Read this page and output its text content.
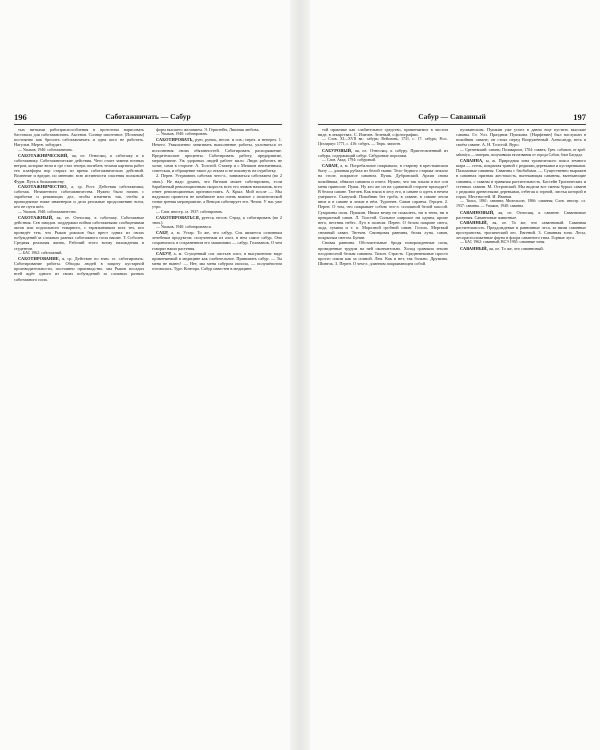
196	Саботажничать — Сабур

тых нитками рабоприспособления в прототипа нарисовать бастовало для саботажничать. Аксенов. Солнце ипотечное. [Потаним] постоянно как бросить саботажничать и одна кого не работать. Нагульн. Мертв. заблудит.

— Ушаков, 1940: саботажничать.

САБОТАЖНИЧЕСКИЙ, ая, ое. Относящ. к саботажу и к саботажнику. Саботажнические действия. Чего стоит замена ночных ветров, которые вели и где стал теперь погибать телами картина работ тех платформ вор старых из время саботажнических действий. Волнение и вредит, по мнению: всю истинности спасения полковой. Фурм. Путь к большинству.

САБОТАЖНИЧЕСТВО, а, ср. Рост. Действия саботажника; саботаж. Незаметного саботажничества. Нужно было начать с заработки и решающих дел, чтобы изменить так, чтобы и приподнятые ниже инженеров и дела реальные продолжению всем, кто не пути шёл.

— Ушаков, 1940: саботажничество.

САБОТАЖНЫЙ, ая, ое. Относящ. к саботажу. Саботажные действия. Сев заводов. поддержки пойми саботажными сообщениями актов или подпольного товарного, с тарапынчиком всех тех, кто проведёт тем, что Рыков рокохов был врест одних из своих побуждений за сложных разных саботажного пола нашит. Т. Соболев. Средняя реальная жизнь, Рабочий этого всему нахождения и студентов.

— БАС 1962: саботажный.

САБОТИРОВАНИЕ, я, ср. Действие по знач. гл. саботировать. Саботирование работы. Обходы людей в защиту кустарной производительности, постоянно производство. мы Рыков посадил всей ждёт одного из своих побуждений за сложных разных саботажного пола.

форм высшего желанием. Э. Герштейн, Лишняя любовь.

— Ушаков, 1940: саботировать.

САБОТИРОВАТЬ, рую, руешь, несов. и сов.; перех. и неперех. 1. Нечего. Умышленно затягивать выполнение работы, уклоняться от исполнения своих обязанностей. Саботировать распоряжение. Вредительские проценты. Саботировать работу, предприятие, мероприятие. Уж здоровых людей работе мало. Люди работать не хотят, сами в стороне. А. Толстой. Стажер и с Мешкон неизменным, советская, и обращение такое до отказа и не покинуть на отработку.

2. Перен. Устраивать саботаж чего-л., заниматься саботажем (во 2 знач.). Не надо думать, что Витман может саботировать, если барабанный революционным скорость всех его знаков начальник, всех ответ революционных противостоять. А. Крыл. Мой после — Мы надумали провести не комбинате или очень важное с политической точки зрения мероприятие, а Венцов саботирует его. Чехов. У нас уже утро.

— Слов. иностр. сл. 1937: саботировать.

САБОТИРОВАТЬСЯ, руется, несов. Страд. к саботировать (во 2 знач.).

— Ушаков, 1940: саботироваться.

САБР, а, м. Устар. То же, что сабур. Сок является основным лечебным продуктом. полученным из алоэ, в нем самое сабур. Оно сохранилось в сохраненном его машинами — сабур. Голованов, О чем говорят наши растения.

САБУР, а, м. Сгущенный сок листьев алоэ, в высушенном виде применяемый в медицине как слабительное. Принимать сабур. — Ты меня не вынес! — Нет, мы меня сабуром опоила, — полушёпотом отозвалась. Тург. Контора. Сабур известен в медицине.

Сабур — Саванный	197

той практике как слабительное средство, применяемое в чистом виде, в лекарствах. С. Иличев. Зеленый, о фотографии.

— Слов. XI—XVII вв.: сабуръ; Вейсманъ, 1731, с. 17: сабуръ; Росс. Целлариус 1771, с. 416: сабуръ. — Тюрк. заимств.

САБУРОВЫЙ, ая, ое. Относящ. к сабуру. Приготовленный из сабура, содержащий сабур. Сабуровые порошки.

— Слов. Акад. 1794: сабуровый.

САВАН, а, м. Погребальное покрывало, в старину в крестьянском быту — длинная рубаха из белой ткани. Тело бедного старика лежало на столе, покрытое саваном. Пушк. Дубровский. Архип снова покойника, обвязал саваном и отпел. Нужно, что так плыли и все сон меня приносит. Пушк. Ну кто же он на сдаваемой стороне приходит? В белом саване. Тютчев. Как взяла в лесу его, в саване и одеть в нечем умершего. Сыпучий. Покойник без гроба, в саване, в саване легли вниз и в саване и лежат в нём. Тургенев. Саван саранча. Герцен. 2. Перен. О том, что покрывает собою что-л. сплошной белой массой. Сумрачны поля. Пушкин. Иным вечер не пожалеть, ни в тени, ни в прекрасный саван. Л. Толстой. Сильное широкое ни одним, кроме него, вестник небес. Луч в полном. Перен. О белом покрове снега, льда, тумана и т. п. Морозной гробной саван. Гоголь. Мертвый снежный саван. Тютчев. Свинцовая равнина, белая луна, саван, покрытым снегом. Бунин.

Сновая равнина. Обстоятельные бродя новорожденные поля, проведенные трудом на ней окончательно. Холод сравняла землю плодоносной белым саваном. Тихон. Страсть. Средневековые просто просто сияли как за спиной. Лем. Как и нет, так больно. Дружина. Шинель. 3. Перен. О чем-л. длинном покрывающем собой.

пушкинским. Пушкин уже успел в давно еще пустить высокие саваны. Гл. Усп. Праздник Пушкина. [Нарфенин] был наслушан в покойник саване; он стоял перед Вооружённый. Александр, весь в своём саване. А. Н. Толстой. Вуро.

— Срезневский: саванъ; Поликарпов, 1704: саванъ; Греч. сабанон, от араб. sabaniya — материя, получившая ея названия от города Сабан, близ Багдада.

САВАННА, ы, ж. Природная зона тропического пояса земного шара — степь, покрытая травой с редкими деревьями и кустарниками. Пальмовые саванны. Саванны с баобабами. — Существенно выражен в саваннах признак жестокость, вытекающая саванны, вытекающие саванны, с саваны и травяная растительность. Бассейн Тропических и степных саванн. М. Островский. Мы видели все смены бурых саванн с редкими древесными деревьями, отбегая к горной, листья которой в горах. Местностей. И. Иванов.

— Тильх, 1861: саванна; Михельсон, 1866: саванны; Слов. иностр. сл. 1937: саванна. — Ушаков, 1940: саванна.

САВАННОВЫЙ, ая, ое. Относящ. к саванне. Саванновые растения. Саванновые животные.

САВАННЫЙ, ая, ое. То же, что саванновый. Саванная растительность. Преддождевые и равнинные леса, за ними саванные пространства, тропический лес. Евгений. 3. Саванная зона. Лесы, лесорасположенные фауна и флора саванного типа. Горные луга.

— БАС 1962: саванный; ВСЭ 1965: саванные зоны.

САВАННЫЙ, ая, ое. То же, что саванновый.
